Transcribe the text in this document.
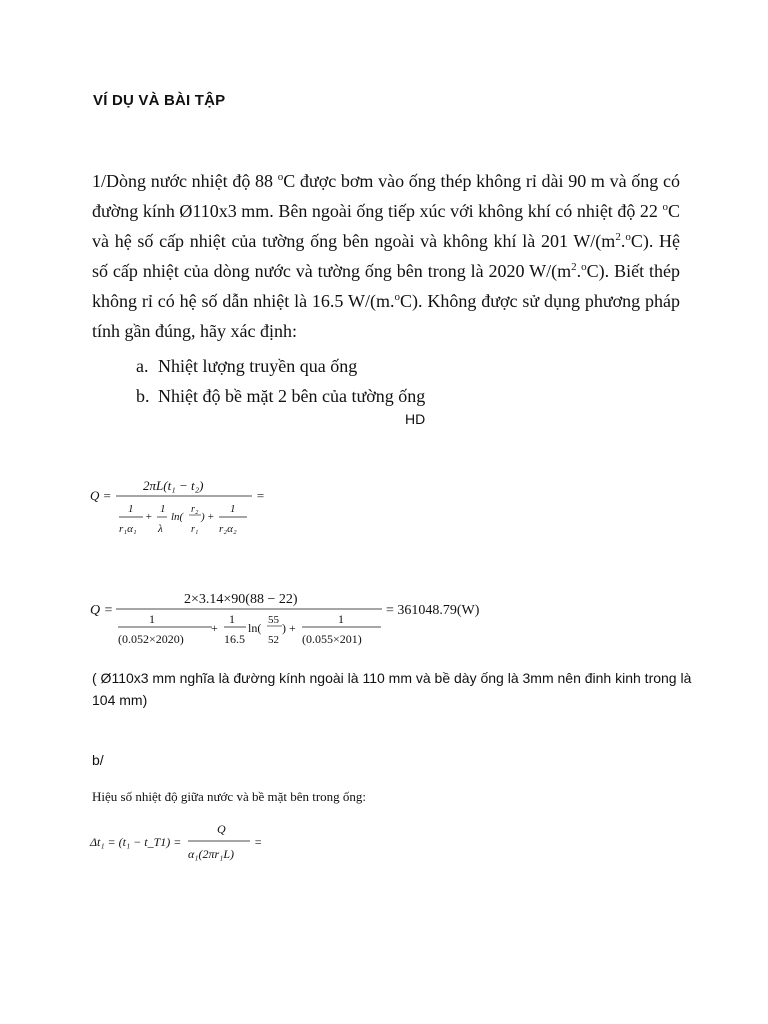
VÍ DỤ VÀ BÀI TẬP
1/Dòng nước nhiệt độ 88 $^o$C được bơm vào ống thép không rỉ dài 90 m và ống có đường kính Ø110x3 mm. Bên ngoài ống tiếp xúc với không khí có nhiệt độ 22 $^o$C và hệ số cấp nhiệt của tường ống bên ngoài và không khí là 201 $W/(m^2.^oC)$. Hệ số cấp nhiệt của dòng nước và tường ống bên trong là 2020 $W/(m^2.^oC)$. Biết thép không rỉ có hệ số dẫn nhiệt là 16.5 W/(m.$^o$C). Không được sử dụng phương pháp tính gần đúng, hãy xác định:
a. Nhiệt lượng truyền qua ống
b. Nhiệt độ bề mặt 2 bên của tường ống
HD
Q =
2πL(t₁ − t₂)
1
r₁α₁
+
1
λ
ln(
r₂
r₁
) +
1
r₂α₂
=
Q =
2×3.14×90(88 − 22)
1
(0.052×2020)
+
1
16.5
ln(
55
52
) +
1
(0.055×201)
= 361048.79(W)
( Ø110x3 mm nghĩa là đường kính ngoài là 110 mm và bề dày ống là 3mm nên đinh kinh trong là 104 mm)
b/
Hiệu số nhiệt độ giữa nước và bề mặt bên trong ống:
Δt₁ = (t₁ − t_T1) =
Q
α₁(2πr₁L)
=
